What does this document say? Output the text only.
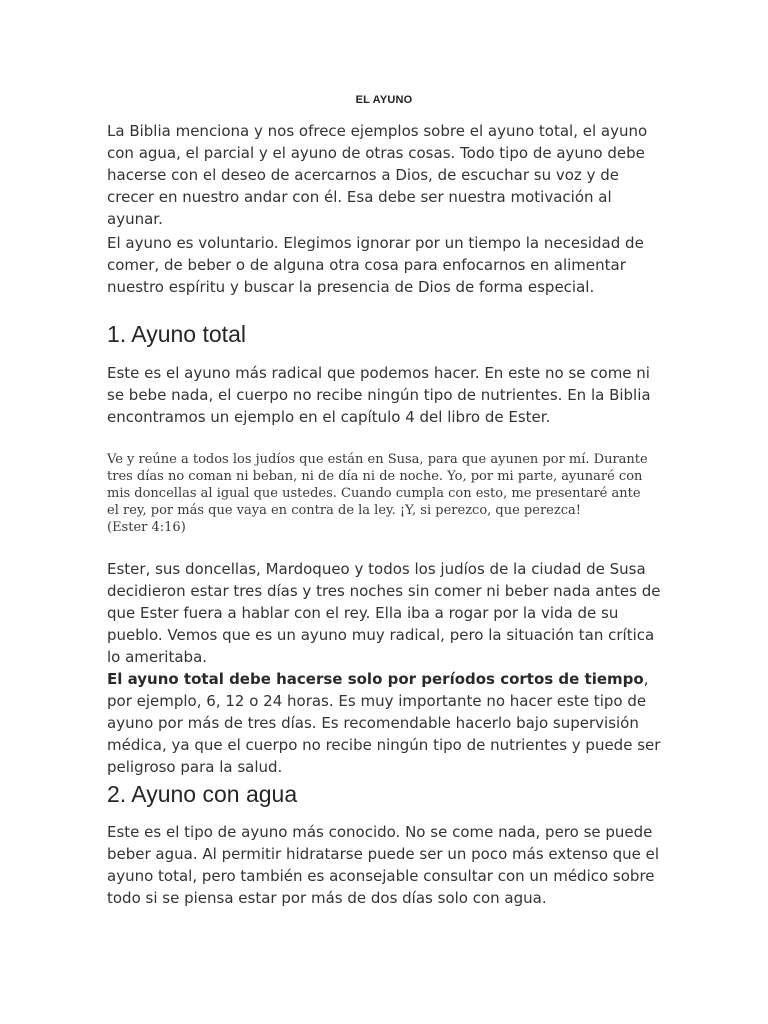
EL AYUNO

La Biblia menciona y nos ofrece ejemplos sobre el ayuno total, el ayuno con agua, el parcial y el ayuno de otras cosas. Todo tipo de ayuno debe hacerse con el deseo de acercarnos a Dios, de escuchar su voz y de crecer en nuestro andar con él. Esa debe ser nuestra motivación al ayunar.

El ayuno es voluntario. Elegimos ignorar por un tiempo la necesidad de comer, de beber o de alguna otra cosa para enfocarnos en alimentar nuestro espíritu y buscar la presencia de Dios de forma especial.

1. Ayuno total

Este es el ayuno más radical que podemos hacer. En este no se come ni se bebe nada, el cuerpo no recibe ningún tipo de nutrientes. En la Biblia encontramos un ejemplo en el capítulo 4 del libro de Ester.

Ve y reúne a todos los judíos que están en Susa, para que ayunen por mí. Durante tres días no coman ni beban, ni de día ni de noche. Yo, por mi parte, ayunaré con mis doncellas al igual que ustedes. Cuando cumpla con esto, me presentaré ante el rey, por más que vaya en contra de la ley. ¡Y, si perezco, que perezca!

(Ester 4:16)

Ester, sus doncellas, Mardoqueo y todos los judíos de la ciudad de Susa decidieron estar tres días y tres noches sin comer ni beber nada antes de que Ester fuera a hablar con el rey. Ella iba a rogar por la vida de su pueblo. Vemos que es un ayuno muy radical, pero la situación tan crítica lo ameritaba.

El ayuno total debe hacerse solo por períodos cortos de tiempo, por ejemplo, 6, 12 o 24 horas. Es muy importante no hacer este tipo de ayuno por más de tres días. Es recomendable hacerlo bajo supervisión médica, ya que el cuerpo no recibe ningún tipo de nutrientes y puede ser peligroso para la salud.

2. Ayuno con agua

Este es el tipo de ayuno más conocido. No se come nada, pero se puede beber agua. Al permitir hidratarse puede ser un poco más extenso que el ayuno total, pero también es aconsejable consultar con un médico sobre todo si se piensa estar por más de dos días solo con agua.
